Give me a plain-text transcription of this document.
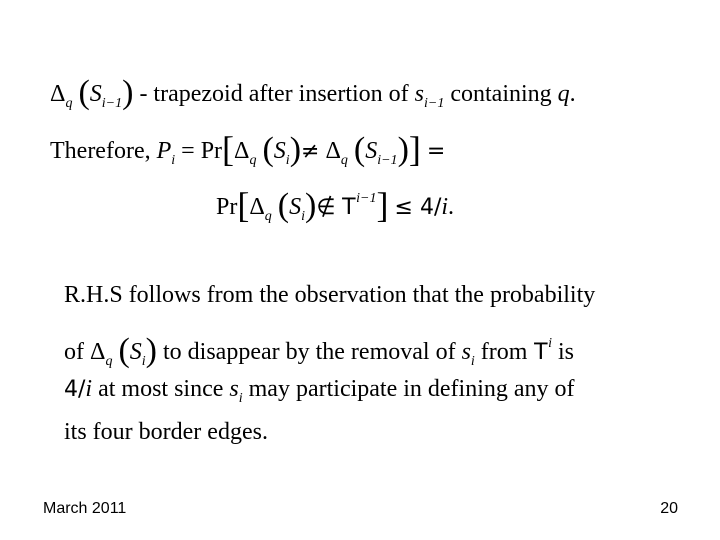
$\Delta_q$ $(S_{i-1})$ - trapezoid after insertion of $s_{i-1}$ containing q.
Therefore, $P_i = Pr[\Delta_q$ $(S_i)\ne \Delta_q$ $(S_{i-1})$] =
$Pr[\Delta_q$ $(S_i)\notin$ $T^{i-1}] \le 4/i$.
R.H.S follows from the observation that the probability
of $\Delta_q$ $(S_i)$ to disappear by the removal of $s_i$ from $T^i$ is
4/i at most since $s_i$ may participate in defining any of
its four border edges.
March 2011	20
